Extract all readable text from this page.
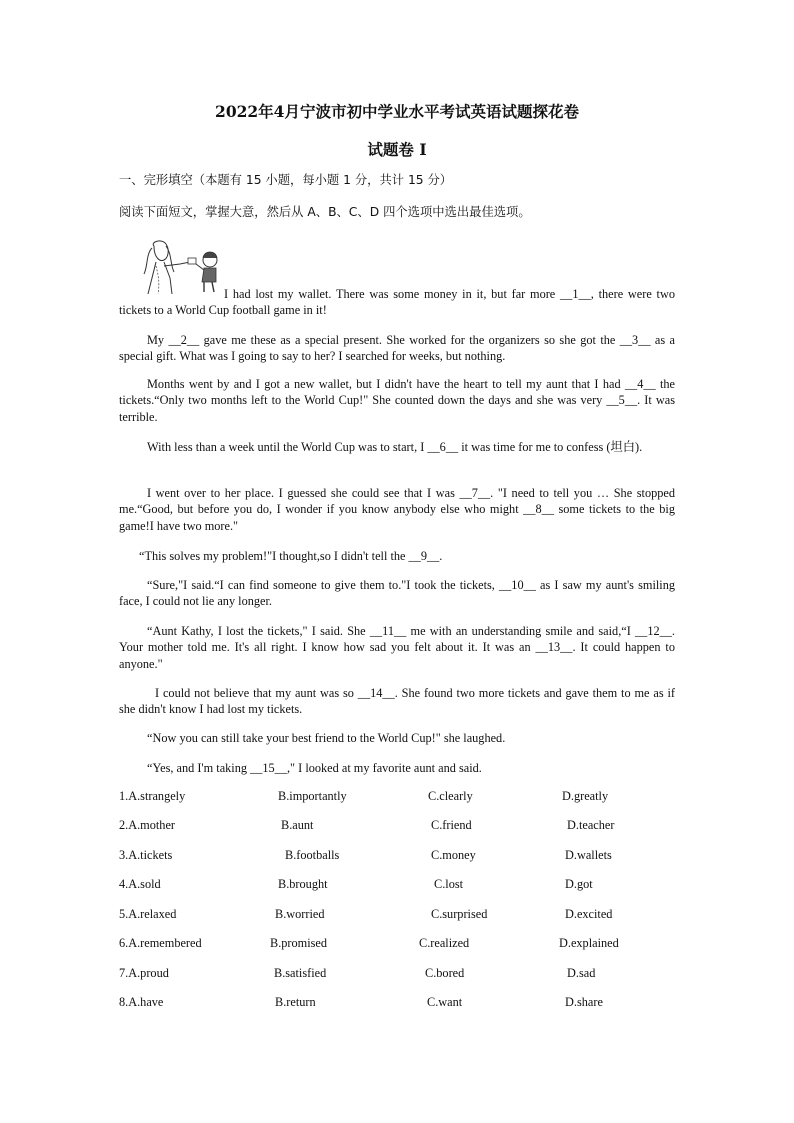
2022年4月宁波市初中学业水平考试英语试题探花卷
试题卷 I
一、完形填空（本题有 15 小题，每小题 1 分，共计 15 分）
阅读下面短文，掌握大意，然后从 A、B、C、D 四个选项中选出最佳选项。
I had lost my wallet. There was some money in it, but far more __1__, there were two tickets to a World Cup football game in it!
My __2__ gave me these as a special present. She worked for the organizers so she got the __3__ as a special gift. What was I going to say to her? I searched for weeks, but nothing.
Months went by and I got a new wallet, but I didn't have the heart to tell my aunt that I had __4__ the tickets.“Only two months left to the World Cup!" She counted down the days and she was very __5__. It was terrible.
With less than a week until the World Cup was to start, I __6__ it was time for me to confess (坦白).
I went over to her place. I guessed she could see that I was __7__. "I need to tell you … She stopped me.“Good, but before you do, I wonder if you know anybody else who might __8__ some tickets to the big game!I have two more."
“This solves my problem!"I thought,so I didn't tell the __9__.
“Sure,"I said.“I can find someone to give them to."I took the tickets, __10__ as I saw my aunt's smiling face, I could not lie any longer.
“Aunt Kathy, I lost the tickets," I said. She __11__ me with an understanding smile and said,“I __12__. Your mother told me. It's all right. I know how sad you felt about it. It was an __13__. It could happen to anyone."
I could not believe that my aunt was so __14__. She found two more tickets and gave them to me as if she didn't know I had lost my tickets.
“Now you can still take your best friend to the World Cup!" she laughed.
“Yes, and I'm taking __15__," I looked at my favorite aunt and said.
1.A.strangely	B.importantly	C.clearly	D.greatly
2.A.mother	B.aunt	C.friend	D.teacher
3.A.tickets	B.footballs	C.money	D.wallets
4.A.sold	B.brought	C.lost	D.got
5.A.relaxed	B.worried	C.surprised	D.excited
6.A.remembered	B.promised	C.realized	D.explained
7.A.proud	B.satisfied	C.bored	D.sad
8.A.have	B.return	C.want	D.share
